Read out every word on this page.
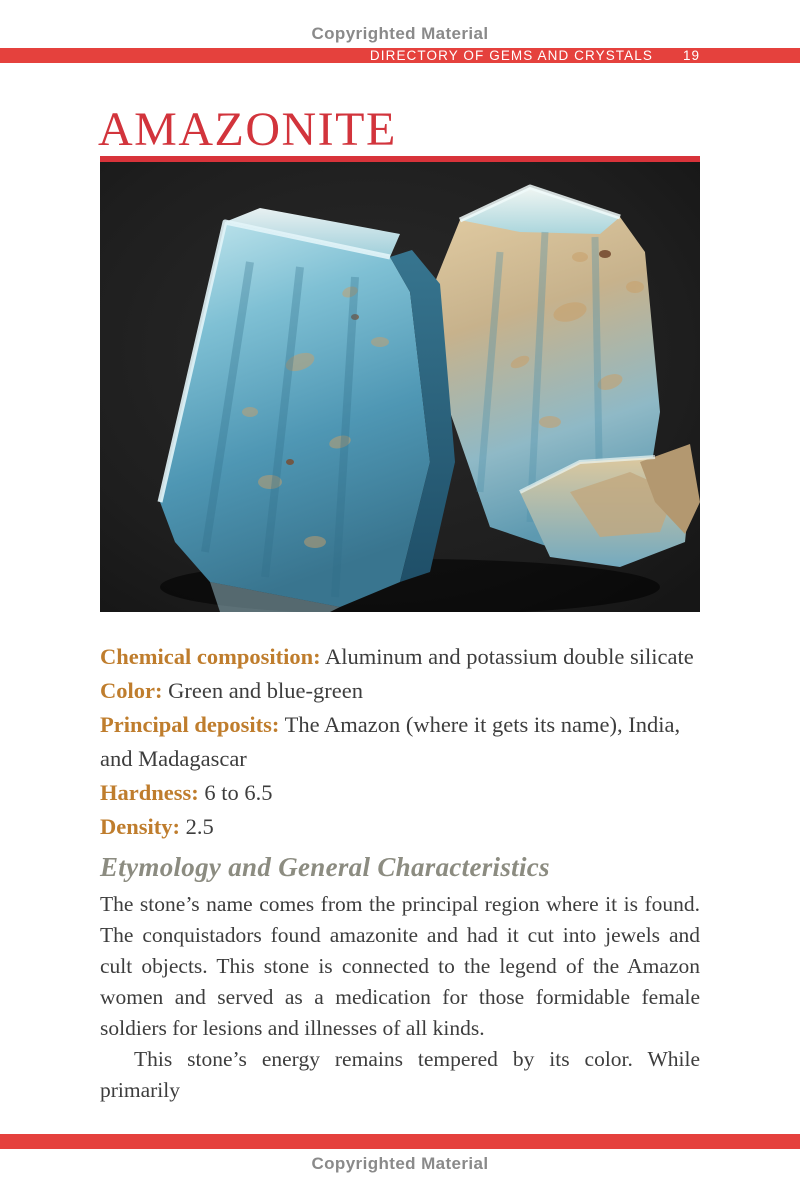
Copyrighted Material
DIRECTORY OF GEMS AND CRYSTALS 19
AMAZONITE

Chemical composition: Aluminum and potassium double silicate

Color: Green and blue-green

Principal deposits: The Amazon (where it gets its name), India, and Madagascar

Hardness: 6 to 6.5

Density: 2.5

Etymology and General Characteristics

The stone’s name comes from the principal region where it is found. The conquistadors found amazonite and had it cut into jewels and cult objects. This stone is connected to the legend of the Amazon women and served as a medication for those formidable female soldiers for lesions and illnesses of all kinds.

This stone’s energy remains tempered by its color. While primarily

Copyrighted Material
